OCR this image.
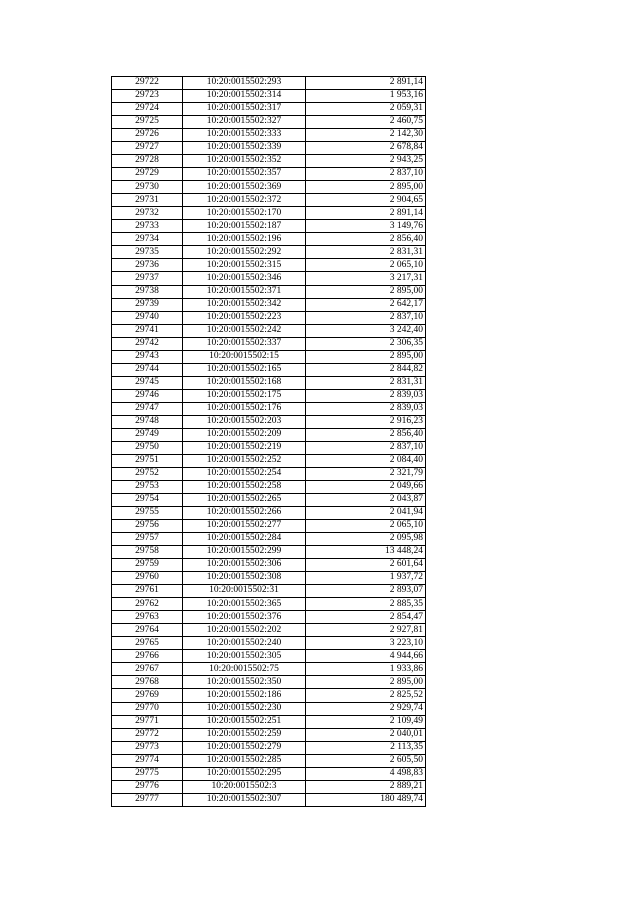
29722	10:20:0015502:293	2 891,14
29723	10:20:0015502:314	1 953,16
29724	10:20:0015502:317	2 059,31
29725	10:20:0015502:327	2 460,75
29726	10:20:0015502:333	2 142,30
29727	10:20:0015502:339	2 678,84
29728	10:20:0015502:352	2 943,25
29729	10:20:0015502:357	2 837,10
29730	10:20:0015502:369	2 895,00
29731	10:20:0015502:372	2 904,65
29732	10:20:0015502:170	2 891,14
29733	10:20:0015502:187	3 149,76
29734	10:20:0015502:196	2 856,40
29735	10:20:0015502:292	2 831,31
29736	10:20:0015502:315	2 065,10
29737	10:20:0015502:346	3 217,31
29738	10:20:0015502:371	2 895,00
29739	10:20:0015502:342	2 642,17
29740	10:20:0015502:223	2 837,10
29741	10:20:0015502:242	3 242,40
29742	10:20:0015502:337	2 306,35
29743	10:20:0015502:15	2 895,00
29744	10:20:0015502:165	2 844,82
29745	10:20:0015502:168	2 831,31
29746	10:20:0015502:175	2 839,03
29747	10:20:0015502:176	2 839,03
29748	10:20:0015502:203	2 916,23
29749	10:20:0015502:209	2 856,40
29750	10:20:0015502:219	2 837,10
29751	10:20:0015502:252	2 084,40
29752	10:20:0015502:254	2 321,79
29753	10:20:0015502:258	2 049,66
29754	10:20:0015502:265	2 043,87
29755	10:20:0015502:266	2 041,94
29756	10:20:0015502:277	2 065,10
29757	10:20:0015502:284	2 095,98
29758	10:20:0015502:299	13 448,24
29759	10:20:0015502:306	2 601,64
29760	10:20:0015502:308	1 937,72
29761	10:20:0015502:31	2 893,07
29762	10:20:0015502:365	2 885,35
29763	10:20:0015502:376	2 854,47
29764	10:20:0015502:202	2 927,81
29765	10:20:0015502:240	3 223,10
29766	10:20:0015502:305	4 944,66
29767	10:20:0015502:75	1 933,86
29768	10:20:0015502:350	2 895,00
29769	10:20:0015502:186	2 825,52
29770	10:20:0015502:230	2 929,74
29771	10:20:0015502:251	2 109,49
29772	10:20:0015502:259	2 040,01
29773	10:20:0015502:279	2 113,35
29774	10:20:0015502:285	2 605,50
29775	10:20:0015502:295	4 498,83
29776	10:20:0015502:3	2 889,21
29777	10:20:0015502:307	180 489,74
